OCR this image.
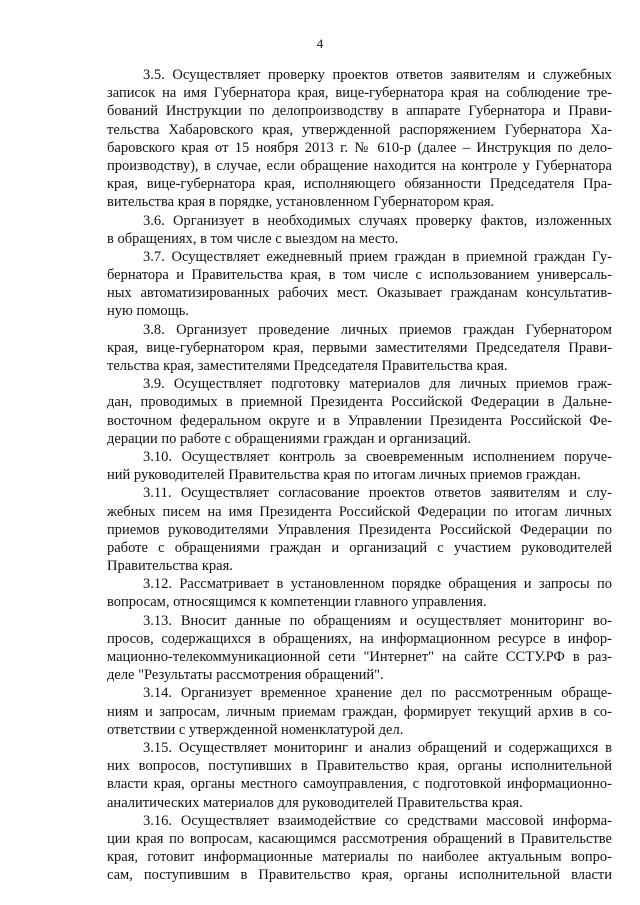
4
3.5. Осуществляет проверку проектов ответов заявителям и служебных
записок на имя Губернатора края, вице-губернатора края на соблюдение тре-
бований Инструкции по делопроизводству в аппарате Губернатора и Прави-
тельства Хабаровского края, утвержденной распоряжением Губернатора Ха-
баровского края от 15 ноября 2013 г. № 610-р (далее – Инструкция по дело-
производству), в случае, если обращение находится на контроле у Губернатора
края, вице-губернатора края, исполняющего обязанности Председателя Пра-
вительства края в порядке, установленном Губернатором края.
3.6. Организует в необходимых случаях проверку фактов, изложенных
в обращениях, в том числе с выездом на место.
3.7. Осуществляет ежедневный прием граждан в приемной граждан Гу-
бернатора и Правительства края, в том числе с использованием универсаль-
ных автоматизированных рабочих мест. Оказывает гражданам консультатив-
ную помощь.
3.8. Организует проведение личных приемов граждан Губернатором
края, вице-губернатором края, первыми заместителями Председателя Прави-
тельства края, заместителями Председателя Правительства края.
3.9. Осуществляет подготовку материалов для личных приемов граж-
дан, проводимых в приемной Президента Российской Федерации в Дальне-
восточном федеральном округе и в Управлении Президента Российской Фе-
дерации по работе с обращениями граждан и организаций.
3.10. Осуществляет контроль за своевременным исполнением поруче-
ний руководителей Правительства края по итогам личных приемов граждан.
3.11. Осуществляет согласование проектов ответов заявителям и слу-
жебных писем на имя Президента Российской Федерации по итогам личных
приемов руководителями Управления Президента Российской Федерации по
работе с обращениями граждан и организаций с участием руководителей
Правительства края.
3.12. Рассматривает в установленном порядке обращения и запросы по
вопросам, относящимся к компетенции главного управления.
3.13. Вносит данные по обращениям и осуществляет мониторинг во-
просов, содержащихся в обращениях, на информационном ресурсе в инфор-
мационно-телекоммуникационной сети "Интернет" на сайте ССТУ.РФ в раз-
деле "Результаты рассмотрения обращений".
3.14. Организует временное хранение дел по рассмотренным обраще-
ниям и запросам, личным приемам граждан, формирует текущий архив в со-
ответствии с утвержденной номенклатурой дел.
3.15. Осуществляет мониторинг и анализ обращений и содержащихся в
них вопросов, поступивших в Правительство края, органы исполнительной
власти края, органы местного самоуправления, с подготовкой информационно-
аналитических материалов для руководителей Правительства края.
3.16. Осуществляет взаимодействие со средствами массовой информа-
ции края по вопросам, касающимся рассмотрения обращений в Правительстве
края, готовит информационные материалы по наиболее актуальным вопро-
сам, поступившим в Правительство края, органы исполнительной власти
